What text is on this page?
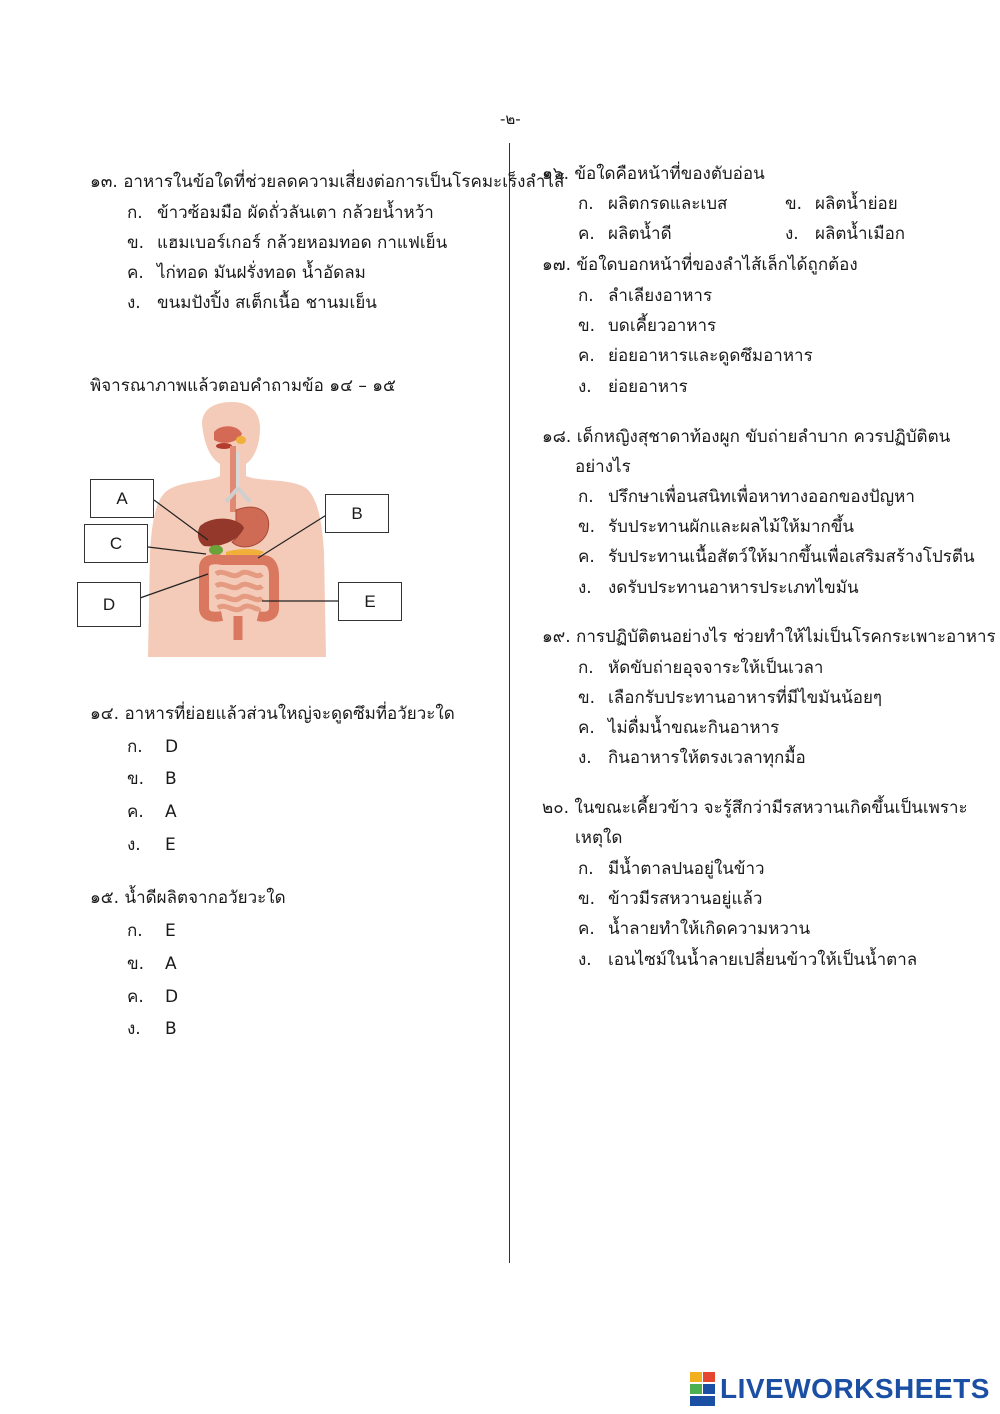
-๒-
๑๓. อาหารในข้อใดที่ช่วยลดความเสี่ยงต่อการเป็นโรคมะเร็งลำไส้
ก. ข้าวซ้อมมือ ผัดถั่วลันเตา กล้วยน้ำหว้า
ข. แฮมเบอร์เกอร์ กล้วยหอมทอด กาแฟเย็น
ค. ไก่ทอด มันฝรั่งทอด น้ำอัดลม
ง. ขนมปังปิ้ง สเต็กเนื้อ ชานมเย็น
พิจารณาภาพแล้วตอบคำถามข้อ ๑๔ – ๑๕
A
B
C
D	E
๑๔. อาหารที่ย่อยแล้วส่วนใหญ่จะดูดซึมที่อวัยวะใด
ก. D
ข. B
ค. A
ง. E
๑๕. น้ำดีผลิตจากอวัยวะใด
ก. E
ข. A
ค. D
ง. B
๑๖. ข้อใดคือหน้าที่ของตับอ่อน
ก. ผลิตกรดและเบส	ข. ผลิตน้ำย่อย
ค. ผลิตน้ำดี	ง. ผลิตน้ำเมือก
๑๗. ข้อใดบอกหน้าที่ของลำไส้เล็กได้ถูกต้อง
ก. ลำเลียงอาหาร
ข. บดเคี้ยวอาหาร
ค. ย่อยอาหารและดูดซึมอาหาร
ง. ย่อยอาหาร
๑๘. เด็กหญิงสุชาดาท้องผูก ขับถ่ายลำบาก ควรปฏิบัติตน
อย่างไร
ก. ปรึกษาเพื่อนสนิทเพื่อหาทางออกของปัญหา
ข. รับประทานผักและผลไม้ให้มากขึ้น
ค. รับประทานเนื้อสัตว์ให้มากขึ้นเพื่อเสริมสร้างโปรตีน
ง. งดรับประทานอาหารประเภทไขมัน
๑๙. การปฏิบัติตนอย่างไร ช่วยทำให้ไม่เป็นโรคกระเพาะอาหาร
ก. หัดขับถ่ายอุจจาระให้เป็นเวลา
ข. เลือกรับประทานอาหารที่มีไขมันน้อยๆ
ค. ไม่ดื่มน้ำขณะกินอาหาร
ง. กินอาหารให้ตรงเวลาทุกมื้อ
๒๐. ในขณะเคี้ยวข้าว จะรู้สึกว่ามีรสหวานเกิดขึ้นเป็นเพราะ
เหตุใด
ก. มีน้ำตาลปนอยู่ในข้าว
ข. ข้าวมีรสหวานอยู่แล้ว
ค. น้ำลายทำให้เกิดความหวาน
ง. เอนไซม์ในน้ำลายเปลี่ยนข้าวให้เป็นน้ำตาล
LIVEWORKSHEETS
